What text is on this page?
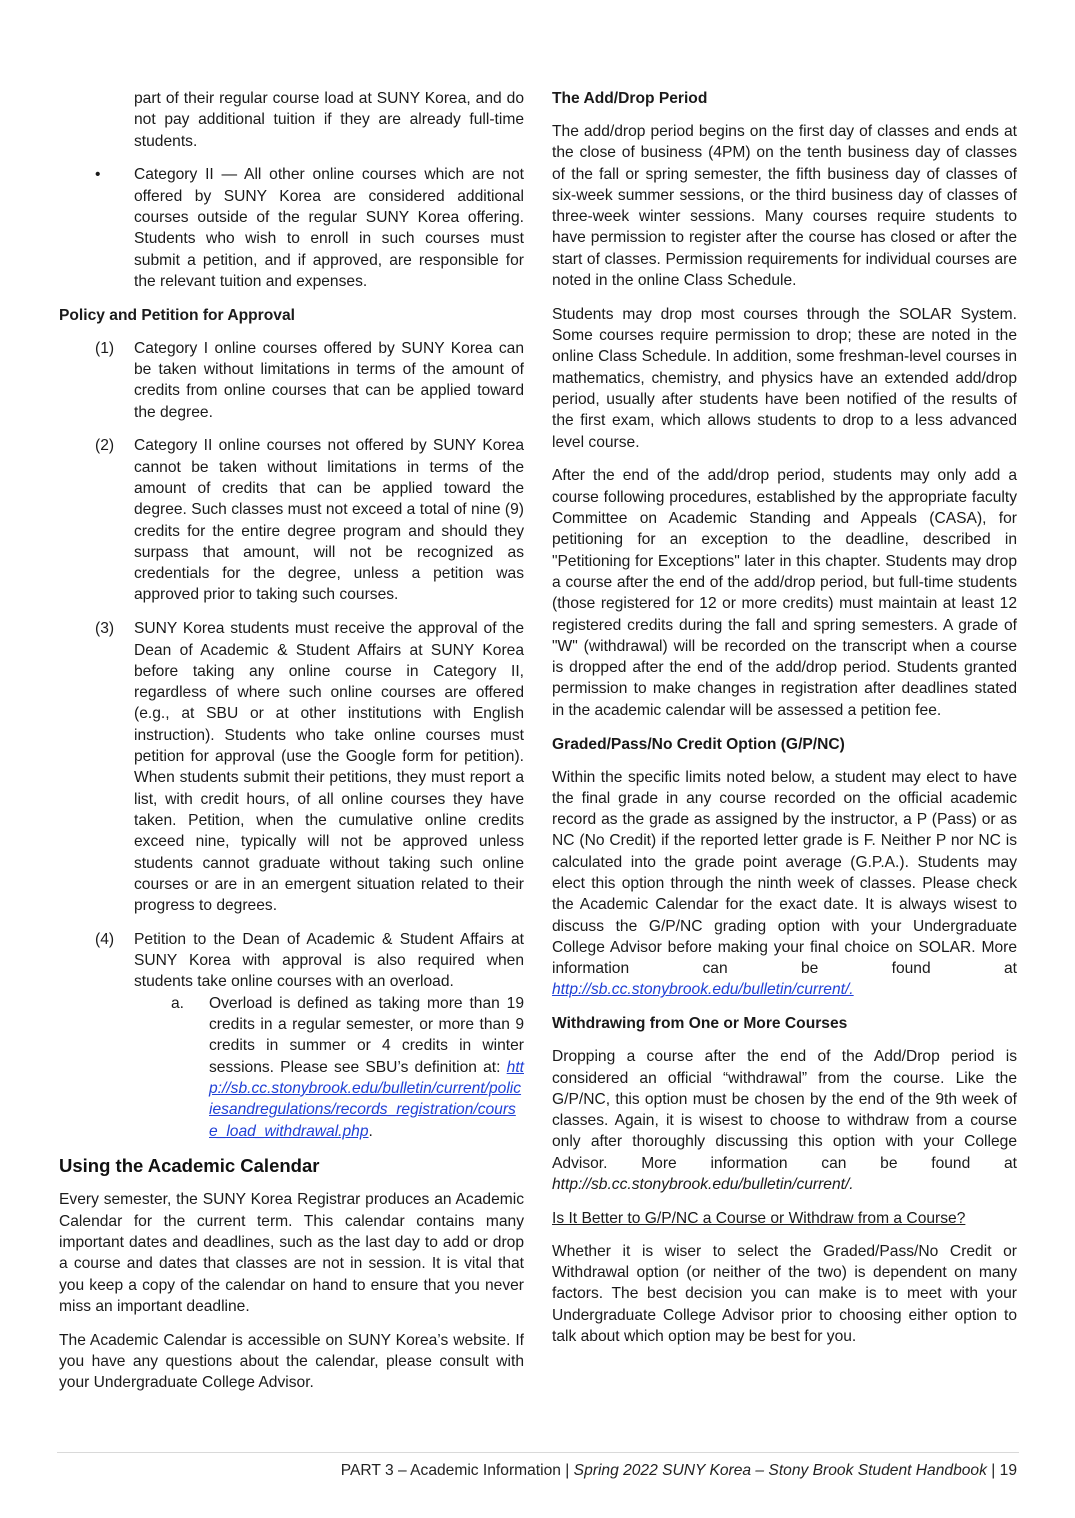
part of their regular course load at SUNY Korea, and do not pay additional tuition if they are already full-time students.

• Category II — All other online courses which are not offered by SUNY Korea are considered additional courses outside of the regular SUNY Korea offering. Students who wish to enroll in such courses must submit a petition, and if approved, are responsible for the relevant tuition and expenses.

Policy and Petition for Approval

(1) Category I online courses offered by SUNY Korea can be taken without limitations in terms of the amount of credits from online courses that can be applied toward the degree.

(2) Category II online courses not offered by SUNY Korea cannot be taken without limitations in terms of the amount of credits that can be applied toward the degree. Such classes must not exceed a total of nine (9) credits for the entire degree program and should they surpass that amount, will not be recognized as credentials for the degree, unless a petition was approved prior to taking such courses.

(3) SUNY Korea students must receive the approval of the Dean of Academic & Student Affairs at SUNY Korea before taking any online course in Category II, regardless of where such online courses are offered (e.g., at SBU or at other institutions with English instruction). Students who take online courses must petition for approval (use the Google form for petition). When students submit their petitions, they must report a list, with credit hours, of all online courses they have taken. Petition, when the cumulative online credits exceed nine, typically will not be approved unless students cannot graduate without taking such online courses or are in an emergent situation related to their progress to degrees.

(4) Petition to the Dean of Academic & Student Affairs at SUNY Korea with approval is also required when students take online courses with an overload.

a. Overload is defined as taking more than 19 credits in a regular semester, or more than 9 credits in summer or 4 credits in winter sessions. Please see SBU’s definition at: http://sb.cc.stonybrook.edu/bulletin/current/policiesandregulations/records_registration/course_load_withdrawal.php.

Using the Academic Calendar

Every semester, the SUNY Korea Registrar produces an Academic Calendar for the current term. This calendar contains many important dates and deadlines, such as the last day to add or drop a course and dates that classes are not in session. It is vital that you keep a copy of the calendar on hand to ensure that you never miss an important deadline.

The Academic Calendar is accessible on SUNY Korea’s website. If you have any questions about the calendar, please consult with your Undergraduate College Advisor.

The Add/Drop Period

The add/drop period begins on the first day of classes and ends at the close of business (4PM) on the tenth business day of classes of the fall or spring semester, the fifth business day of classes of six-week summer sessions, or the third business day of classes of three-week winter sessions. Many courses require students to have permission to register after the course has closed or after the start of classes. Permission requirements for individual courses are noted in the online Class Schedule.

Students may drop most courses through the SOLAR System. Some courses require permission to drop; these are noted in the online Class Schedule. In addition, some freshman-level courses in mathematics, chemistry, and physics have an extended add/drop period, usually after students have been notified of the results of the first exam, which allows students to drop to a less advanced level course.

After the end of the add/drop period, students may only add a course following procedures, established by the appropriate faculty Committee on Academic Standing and Appeals (CASA), for petitioning for an exception to the deadline, described in "Petitioning for Exceptions" later in this chapter. Students may drop a course after the end of the add/drop period, but full-time students (those registered for 12 or more credits) must maintain at least 12 registered credits during the fall and spring semesters. A grade of "W" (withdrawal) will be recorded on the transcript when a course is dropped after the end of the add/drop period. Students granted permission to make changes in registration after deadlines stated in the academic calendar will be assessed a petition fee.

Graded/Pass/No Credit Option (G/P/NC)

Within the specific limits noted below, a student may elect to have the final grade in any course recorded on the official academic record as the grade as assigned by the instructor, a P (Pass) or as NC (No Credit) if the reported letter grade is F. Neither P nor NC is calculated into the grade point average (G.P.A.). Students may elect this option through the ninth week of classes. Please check the Academic Calendar for the exact date. It is always wisest to discuss the G/P/NC grading option with your Undergraduate College Advisor before making your final choice on SOLAR. More information can be found at http://sb.cc.stonybrook.edu/bulletin/current/.

Withdrawing from One or More Courses

Dropping a course after the end of the Add/Drop period is considered an official “withdrawal” from the course. Like the G/P/NC, this option must be chosen by the end of the 9th week of classes. Again, it is wisest to choose to withdraw from a course only after thoroughly discussing this option with your College Advisor. More information can be found at http://sb.cc.stonybrook.edu/bulletin/current/.

Is It Better to G/P/NC a Course or Withdraw from a Course?

Whether it is wiser to select the Graded/Pass/No Credit or Withdrawal option (or neither of the two) is dependent on many factors. The best decision you can make is to meet with your Undergraduate College Advisor prior to choosing either option to talk about which option may be best for you.

PART 3 – Academic Information | Spring 2022 SUNY Korea – Stony Brook Student Handbook | 19
